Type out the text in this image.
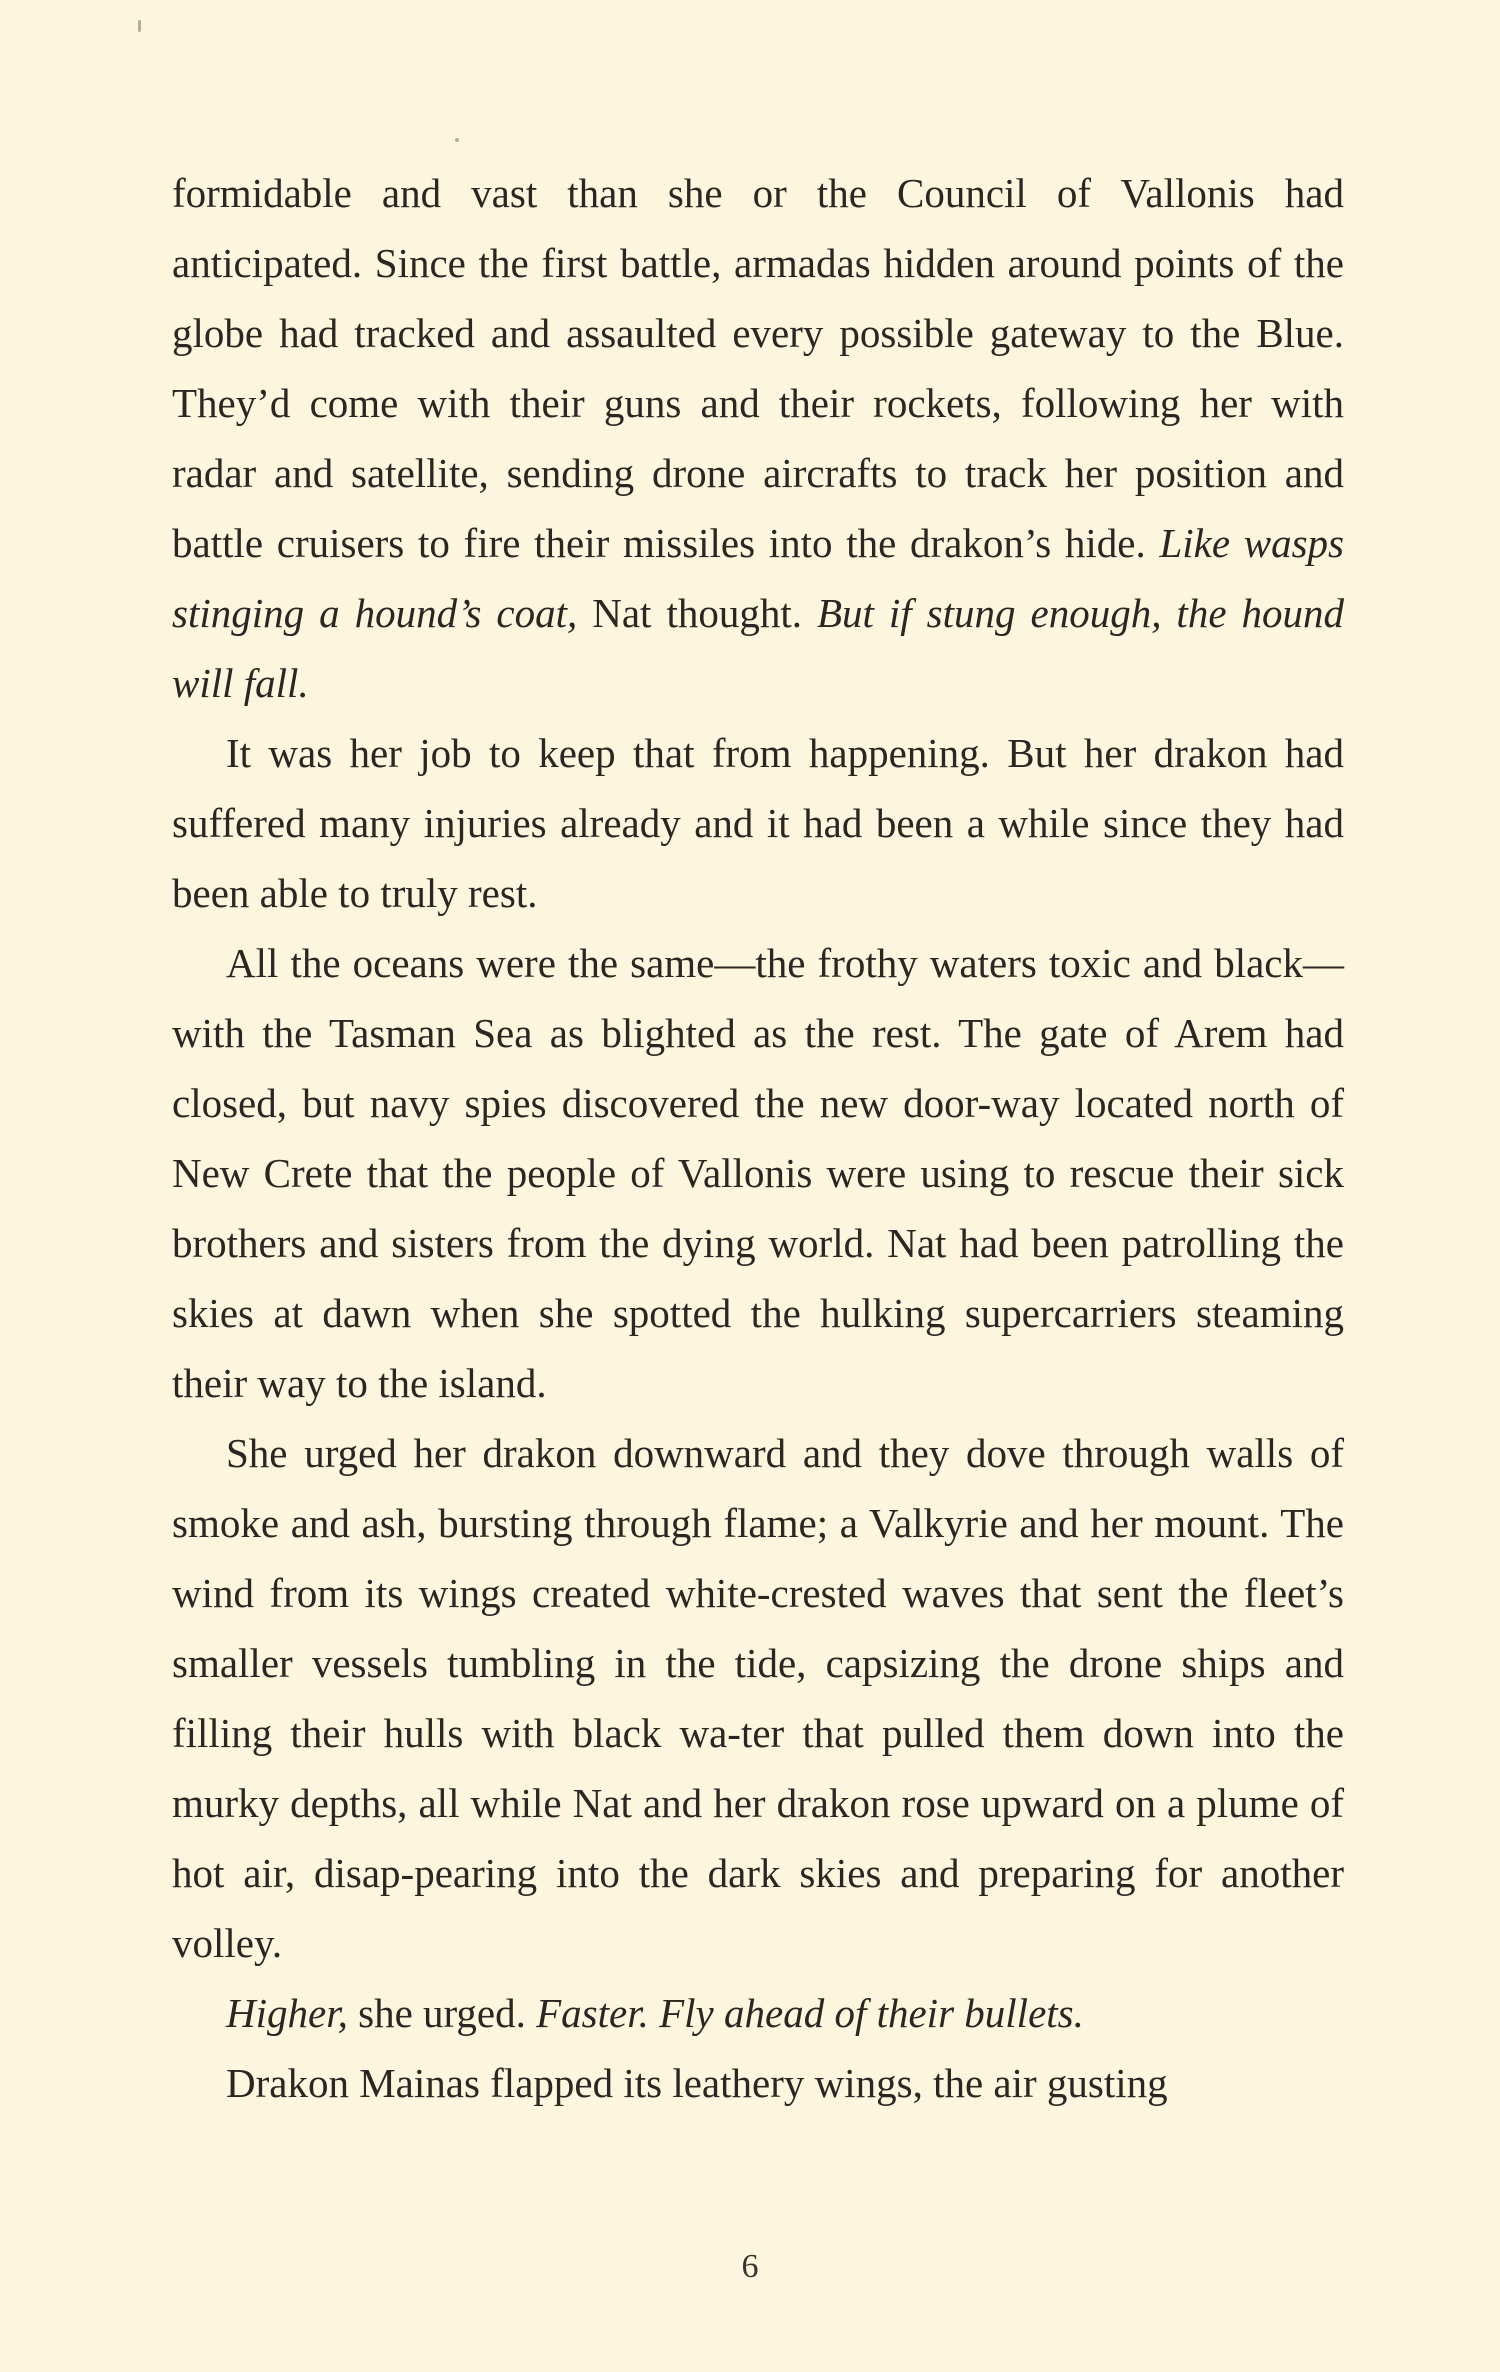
formidable and vast than she or the Council of Vallonis had anticipated. Since the first battle, armadas hidden around points of the globe had tracked and assaulted every possible gateway to the Blue. They’d come with their guns and their rockets, following her with radar and satellite, sending drone aircrafts to track her position and battle cruisers to fire their missiles into the drakon’s hide. Like wasps stinging a hound’s coat, Nat thought. But if stung enough, the hound will fall.

It was her job to keep that from happening. But her drakon had suffered many injuries already and it had been a while since they had been able to truly rest.

All the oceans were the same—the frothy waters toxic and black—with the Tasman Sea as blighted as the rest. The gate of Arem had closed, but navy spies discovered the new door-way located north of New Crete that the people of Vallonis were using to rescue their sick brothers and sisters from the dying world. Nat had been patrolling the skies at dawn when she spotted the hulking supercarriers steaming their way to the island.

She urged her drakon downward and they dove through walls of smoke and ash, bursting through flame; a Valkyrie and her mount. The wind from its wings created white-crested waves that sent the fleet’s smaller vessels tumbling in the tide, capsizing the drone ships and filling their hulls with black wa-ter that pulled them down into the murky depths, all while Nat and her drakon rose upward on a plume of hot air, disap-pearing into the dark skies and preparing for another volley.

Higher, she urged. Faster. Fly ahead of their bullets.

Drakon Mainas flapped its leathery wings, the air gusting

6
